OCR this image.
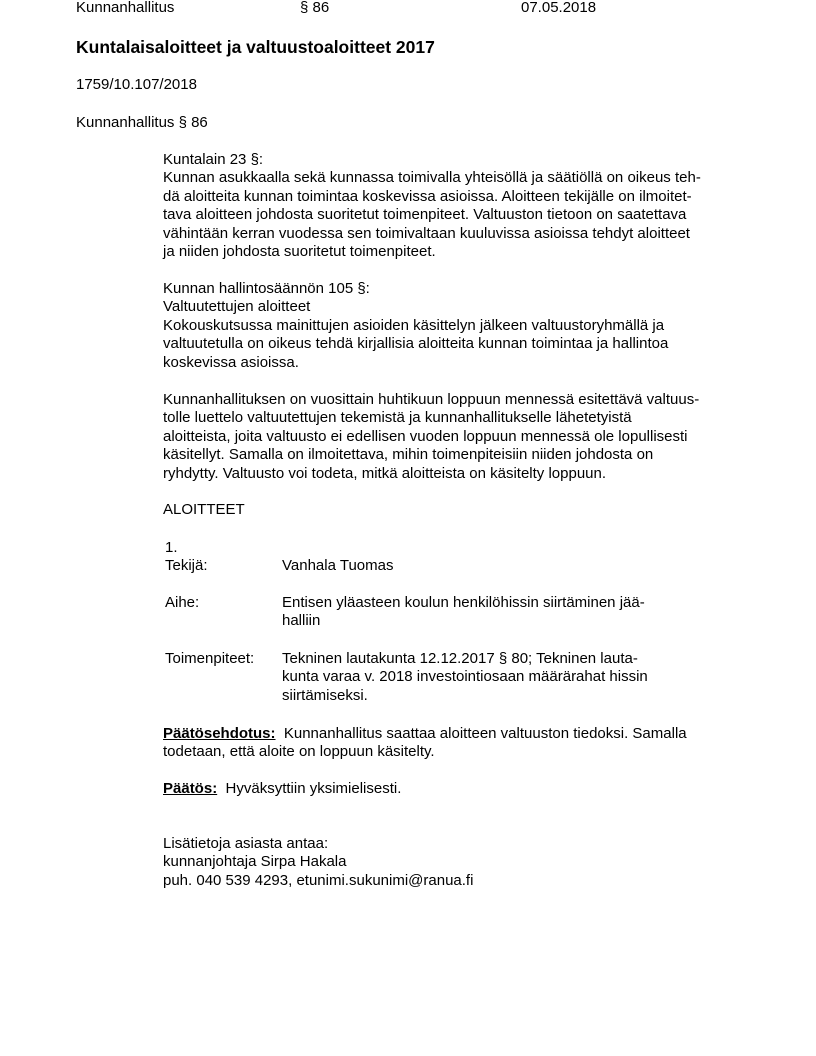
Kunnanhallitus	§ 86	07.05.2018
Kuntalaisaloitteet ja valtuustoaloitteet 2017
1759/10.107/2018
Kunnanhallitus § 86
Kuntalain 23 §:
Kunnan asukkaalla sekä kunnassa toimivalla yhteisöllä ja säätiöllä on oikeus teh-
dä aloitteita kunnan toimintaa koskevissa asioissa. Aloitteen tekijälle on ilmoitet-
tava aloitteen johdosta suoritetut toimenpiteet. Valtuuston tietoon on saatettava
vähintään kerran vuodessa sen toimivaltaan kuuluvissa asioissa tehdyt aloitteet
ja niiden johdosta suoritetut toimenpiteet.
Kunnan hallintosäännön 105 §:
Valtuutettujen aloitteet
Kokouskutsussa mainittujen asioiden käsittelyn jälkeen valtuustoryhmällä ja
valtuutetulla on oikeus tehdä kirjallisia aloitteita kunnan toimintaa ja hallintoa
koskevissa asioissa.
Kunnanhallituksen on vuosittain huhtikuun loppuun mennessä esitettävä valtuus-
tolle luettelo valtuutettujen tekemistä ja kunnanhallitukselle lähetetyistä
aloitteista, joita valtuusto ei edellisen vuoden loppuun mennessä ole lopullisesti
käsitellyt. Samalla on ilmoitettava, mihin toimenpiteisiin niiden johdosta on
ryhdytty. Valtuusto voi todeta, mitkä aloitteista on käsitelty loppuun.
ALOITTEET
1.
Tekijä:	Vanhala Tuomas
Aihe:	Entisen yläasteen koulun henkilöhissin siirtäminen jää-
halliin
Toimenpiteet: Tekninen lautakunta 12.12.2017 § 80; Tekninen lauta-
kunta varaa v. 2018 investointiosaan määrärahat hissin
siirtämiseksi.
Päätösehdotus: Kunnanhallitus saattaa aloitteen valtuuston tiedoksi. Samalla
todetaan, että aloite on loppuun käsitelty.
Päätös: Hyväksyttiin yksimielisesti.
Lisätietoja asiasta antaa:
kunnanjohtaja Sirpa Hakala
puh. 040 539 4293, etunimi.sukunimi@ranua.fi
